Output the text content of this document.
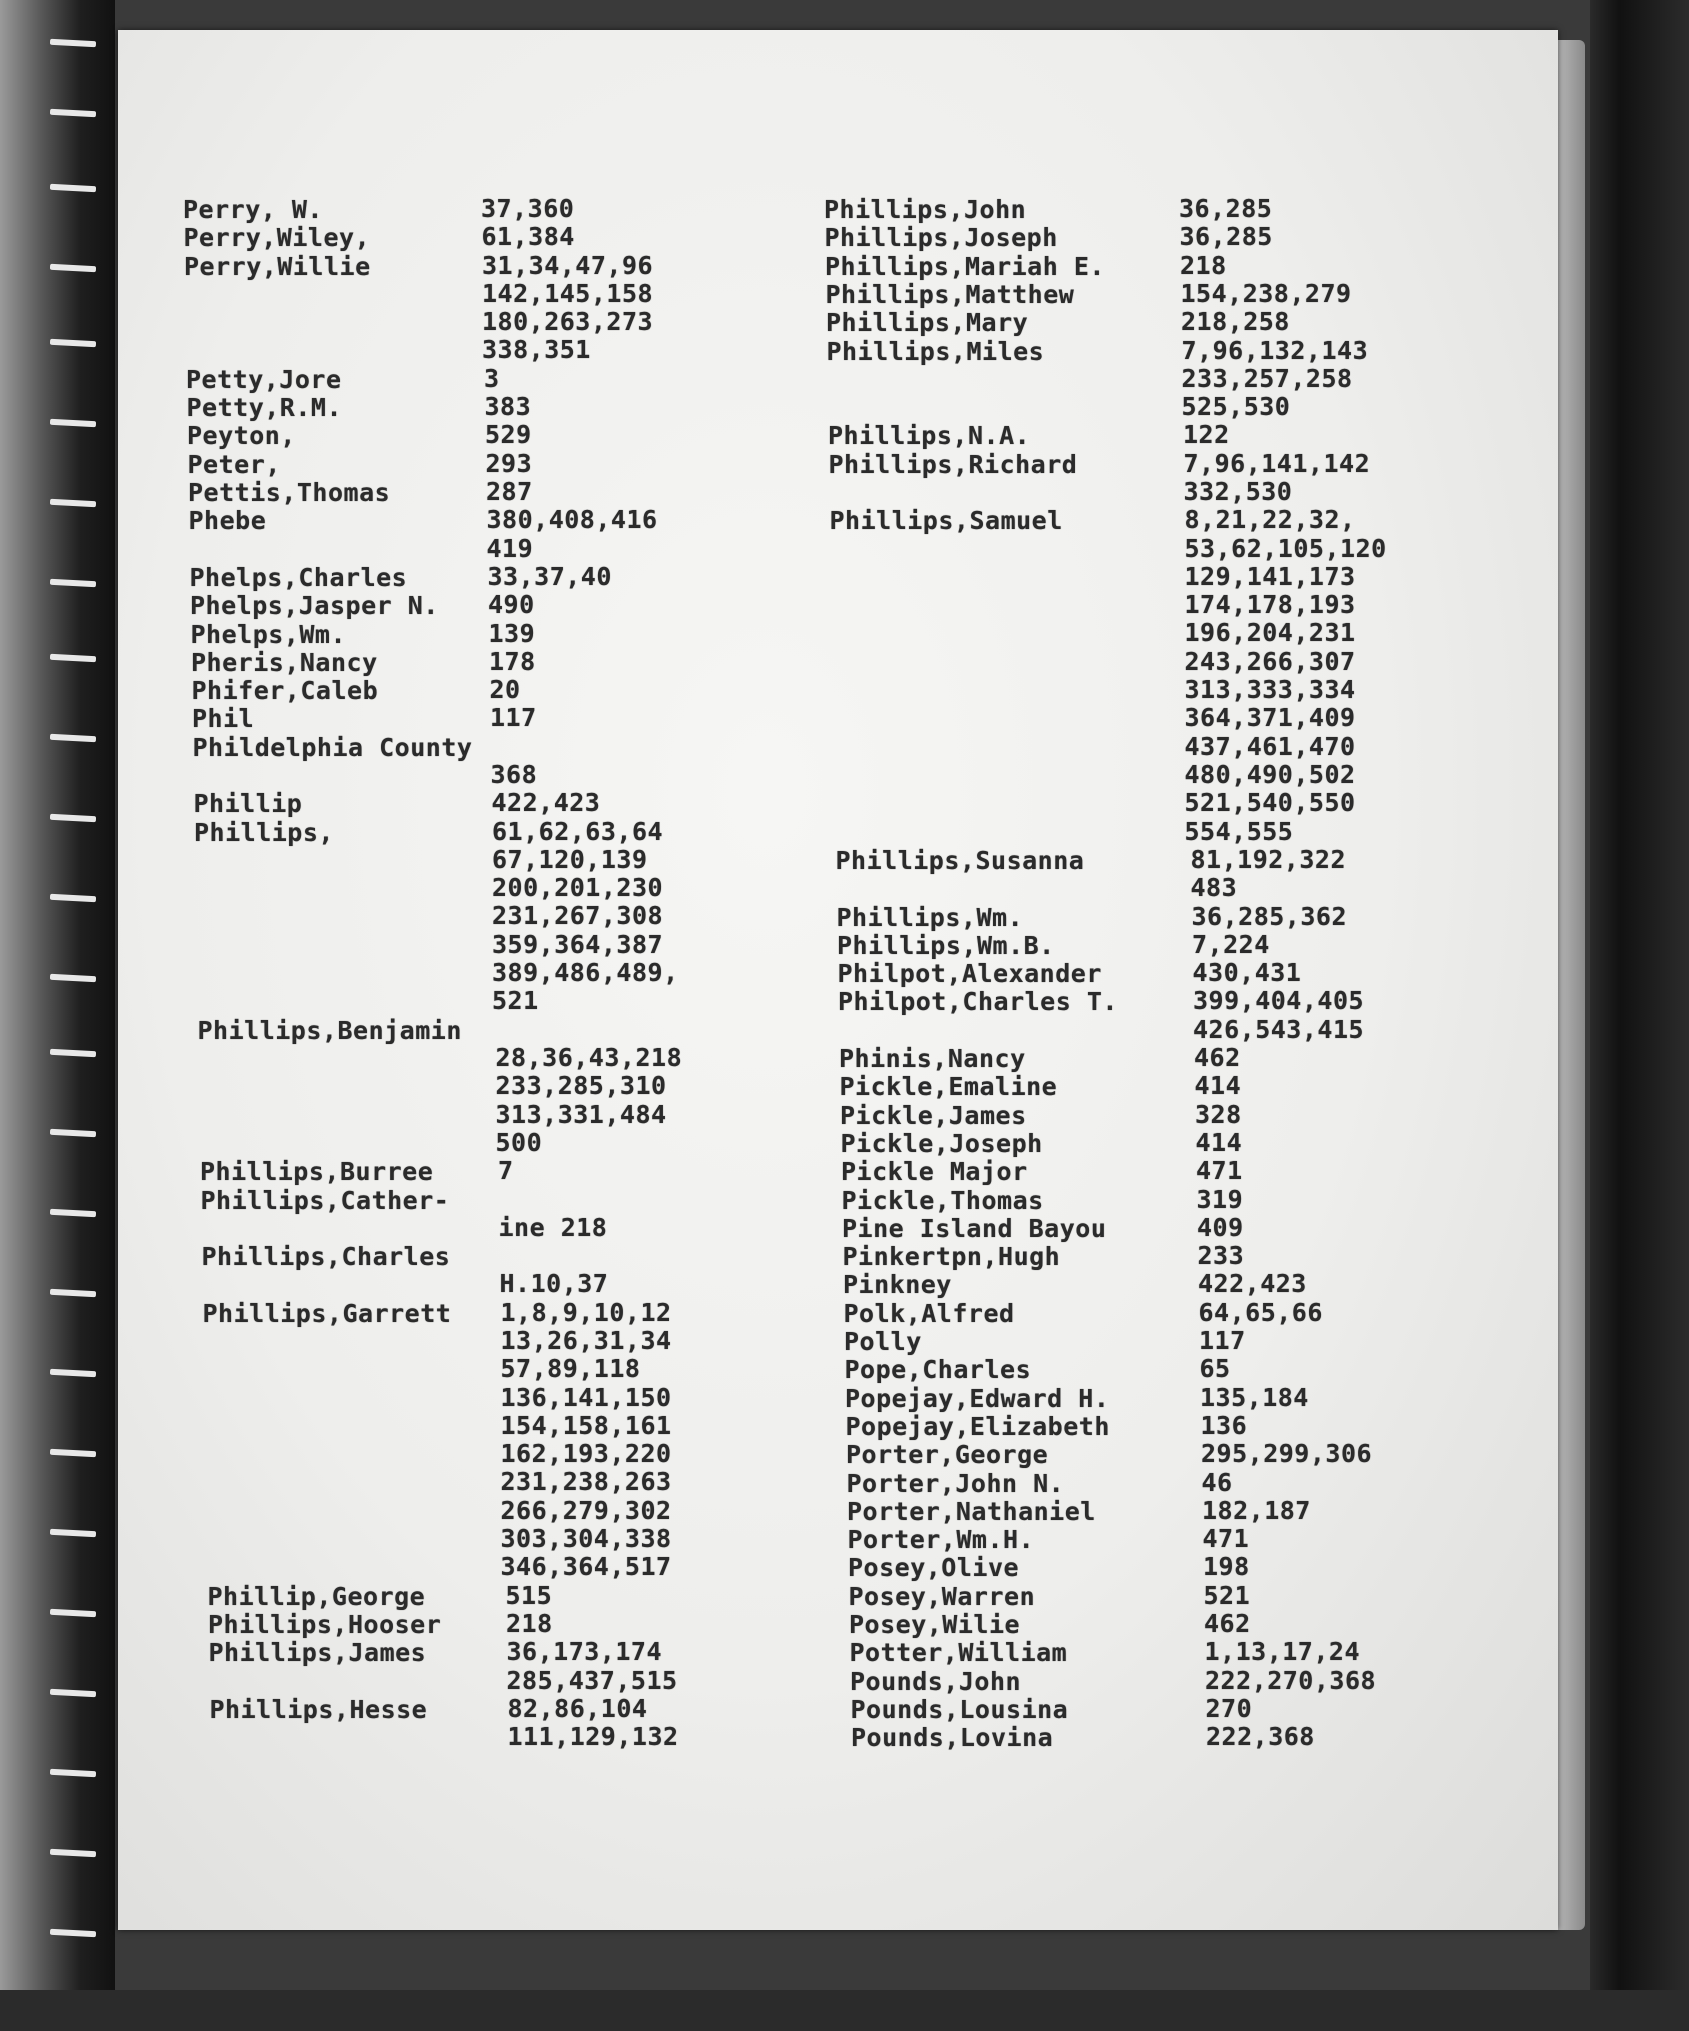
Perry, W.	37,360
Perry,Wiley,	61,384
Perry,Willie	31,34,47,96
142,145,158
180,263,273
338,351
Petty,Jore	3
Petty,R.M.	383
Peyton,	529
Peter,	293
Pettis,Thomas	287
Phebe	380,408,416
419
Phelps,Charles	33,37,40
Phelps,Jasper N. 490
Phelps,Wm.	139
Pheris,Nancy	178
Phifer,Caleb	20
Phil	117
Phildelphia County
368
Phillip	422,423
Phillips,	61,62,63,64
67,120,139
200,201,230
231,267,308
359,364,387
389,486,489,
521
Phillips,Benjamin
28,36,43,218
233,285,310
313,331,484
500
Phillips,Burree	7
Phillips,Cather-
ine 218
Phillips,Charles
H.10,37
Phillips,Garrett 1,8,9,10,12
13,26,31,34
57,89,118
136,141,150
154,158,161
162,193,220
231,238,263
266,279,302
303,304,338
346,364,517
Phillip,George	515
Phillips,Hooser	218
Phillips,James	36,173,174
285,437,515
Phillips,Hesse	82,86,104
111,129,132
Phillips,John	36,285
Phillips,Joseph	36,285
Phillips,Mariah E.	218
Phillips,Matthew	154,238,279
Phillips,Mary	218,258
Phillips,Miles	7,96,132,143
233,257,258
525,530
Phillips,N.A.	122
Phillips,Richard	7,96,141,142
332,530
Phillips,Samuel	8,21,22,32,
53,62,105,120
129,141,173
174,178,193
196,204,231
243,266,307
313,333,334
364,371,409
437,461,470
480,490,502
521,540,550
554,555
Phillips,Susanna	81,192,322
483
Phillips,Wm.	36,285,362
Phillips,Wm.B.	7,224
Philpot,Alexander	430,431
Philpot,Charles T.	399,404,405
426,543,415
Phinis,Nancy	462
Pickle,Emaline	414
Pickle,James	328
Pickle,Joseph	414
Pickle Major	471
Pickle,Thomas	319
Pine Island Bayou	409
Pinkertpn,Hugh	233
Pinkney	422,423
Polk,Alfred	64,65,66
Polly	117
Pope,Charles	65
Popejay,Edward H.	135,184
Popejay,Elizabeth	136
Porter,George	295,299,306
Porter,John N.	46
Porter,Nathaniel	182,187
Porter,Wm.H.	471
Posey,Olive	198
Posey,Warren	521
Posey,Wilie	462
Potter,William	1,13,17,24
Pounds,John	222,270,368
Pounds,Lousina	270
Pounds,Lovina	222,368
